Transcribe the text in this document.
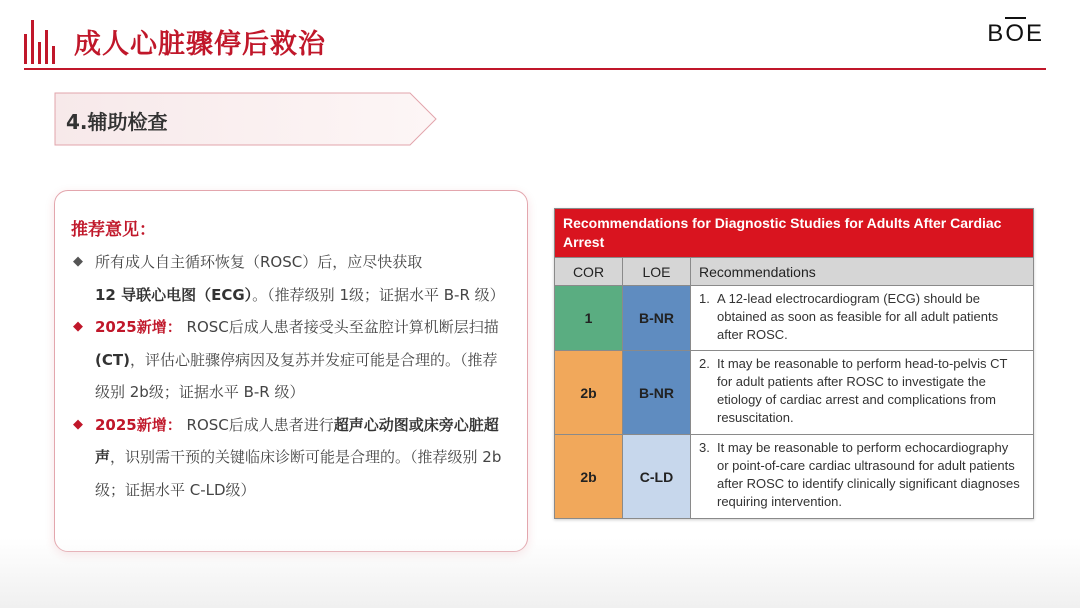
成人心脏骤停后救治	BOE
4.辅助检查
推荐意见：
◆ 所有成人自主循环恢复（ROSC）后，应尽快获取
12 导联心电图（ECG）。（推荐级别 1级；证据水平 B-R 级）
◆ 2025新增： ROSC后成人患者接受头至盆腔计算机断层扫描(CT)，评估心脏骤停病因及复苏并发症可能是合理的。（推荐级别 2b级；证据水平 B-R 级）
◆ 2025新增： ROSC后成人患者进行超声心动图或床旁心脏超声，识别需干预的关键临床诊断可能是合理的。（推荐级别 2b级；证据水平 C-LD级）
Recommendations for Diagnostic Studies for Adults After Cardiac Arrest		
COR	LOE	Recommendations
1	B-NR	1. A 12-lead electrocardiogram (ECG) should be obtained as soon as feasible for all adult patients after ROSC.
2b	B-NR	2. It may be reasonable to perform head-to-pelvis CT for adult patients after ROSC to investigate the etiology of cardiac arrest and complications from resuscitation.
2b	C-LD	3. It may be reasonable to perform echocardiography or point-of-care cardiac ultrasound for adult patients after ROSC to identify clinically significant diagnoses requiring intervention.
